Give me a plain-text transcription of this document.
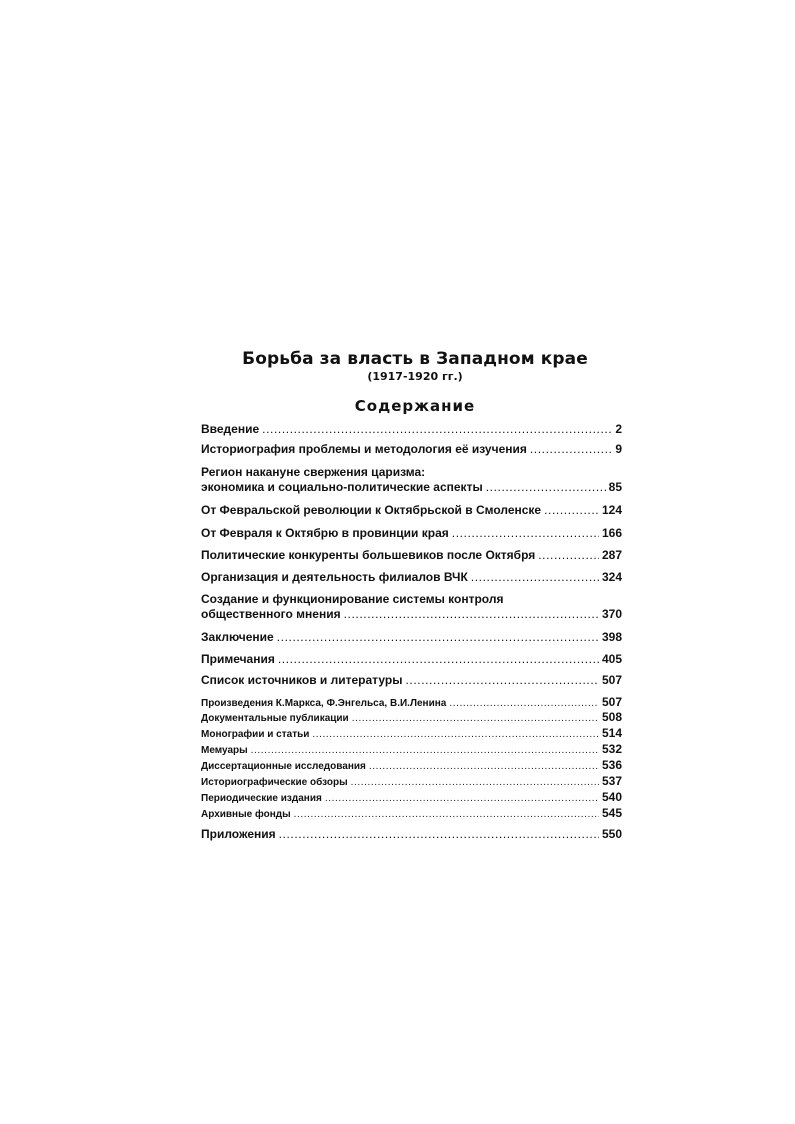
Борьба за власть в Западном крае
(1917-1920 гг.)
Содержание
Введение .....	2
Историография проблемы и методология её изучения .....	9
Регион накануне свержения царизма:
экономика и социально-политические аспекты .....	85
От Февральской революции к Октябрьской в Смоленске .....	124
От Февраля к Октябрю в провинции края .....	166
Политические конкуренты большевиков после Октября .....	287
Организация и деятельность филиалов ВЧК .....	324
Создание и функционирование системы контроля
общественного мнения .....	370
Заключение .....	398
Примечания .....	405
Список источников и литературы .....	507
Произведения К.Маркса, Ф.Энгельса, В.И.Ленина .....	507
Документальные публикации .....	508
Монографии и статьи .....	514
Мемуары .....	532
Диссертационные исследования .....	536
Историографические обзоры .....	537
Периодические издания .....	540
Архивные фонды .....	545
Приложения .....	550
